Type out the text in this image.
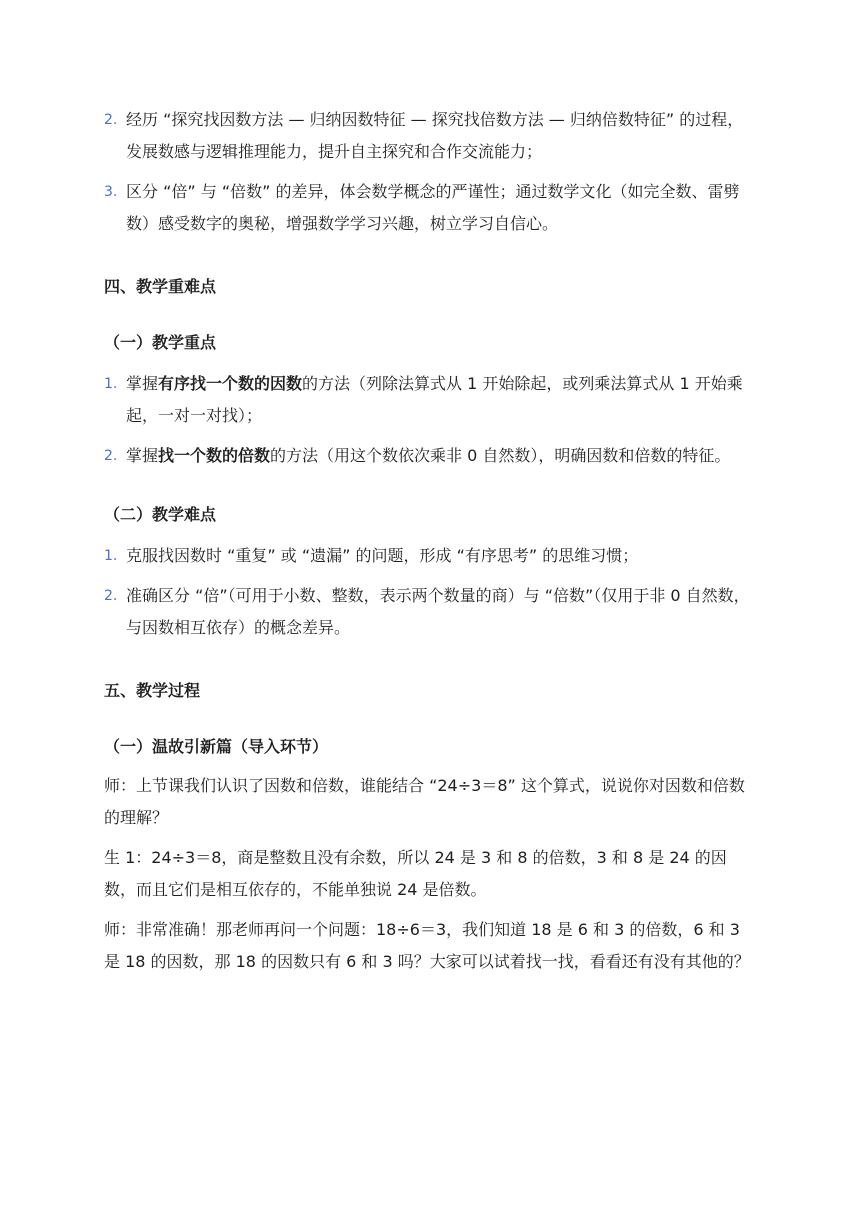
2. 经历 “探究找因数方法 — 归纳因数特征 — 探究找倍数方法 — 归纳倍数特征” 的过程，发展数感与逻辑推理能力，提升自主探究和合作交流能力；
3. 区分 “倍” 与 “倍数” 的差异，体会数学概念的严谨性；通过数学文化（如完全数、雷劈数）感受数字的奥秘，增强数学学习兴趣，树立学习自信心。
四、教学重难点
（一）教学重点
1. 掌握有序找一个数的因数的方法（列除法算式从 1 开始除起，或列乘法算式从 1 开始乘起，一对一对找）；
2. 掌握找一个数的倍数的方法（用这个数依次乘非 0 自然数），明确因数和倍数的特征。
（二）教学难点
1. 克服找因数时 “重复” 或 “遗漏” 的问题，形成 “有序思考” 的思维习惯；
2. 准确区分 “倍”（可用于小数、整数，表示两个数量的商）与 “倍数”（仅用于非 0 自然数，与因数相互依存）的概念差异。
五、教学过程
（一）温故引新篇（导入环节）
师：上节课我们认识了因数和倍数，谁能结合 “24÷3＝8” 这个算式，说说你对因数和倍数的理解？
生 1：24÷3＝8，商是整数且没有余数，所以 24 是 3 和 8 的倍数，3 和 8 是 24 的因数，而且它们是相互依存的，不能单独说 24 是倍数。
师：非常准确！那老师再问一个问题：18÷6＝3，我们知道 18 是 6 和 3 的倍数，6 和 3 是 18 的因数，那 18 的因数只有 6 和 3 吗？大家可以试着找一找，看看还有没有其他的？
